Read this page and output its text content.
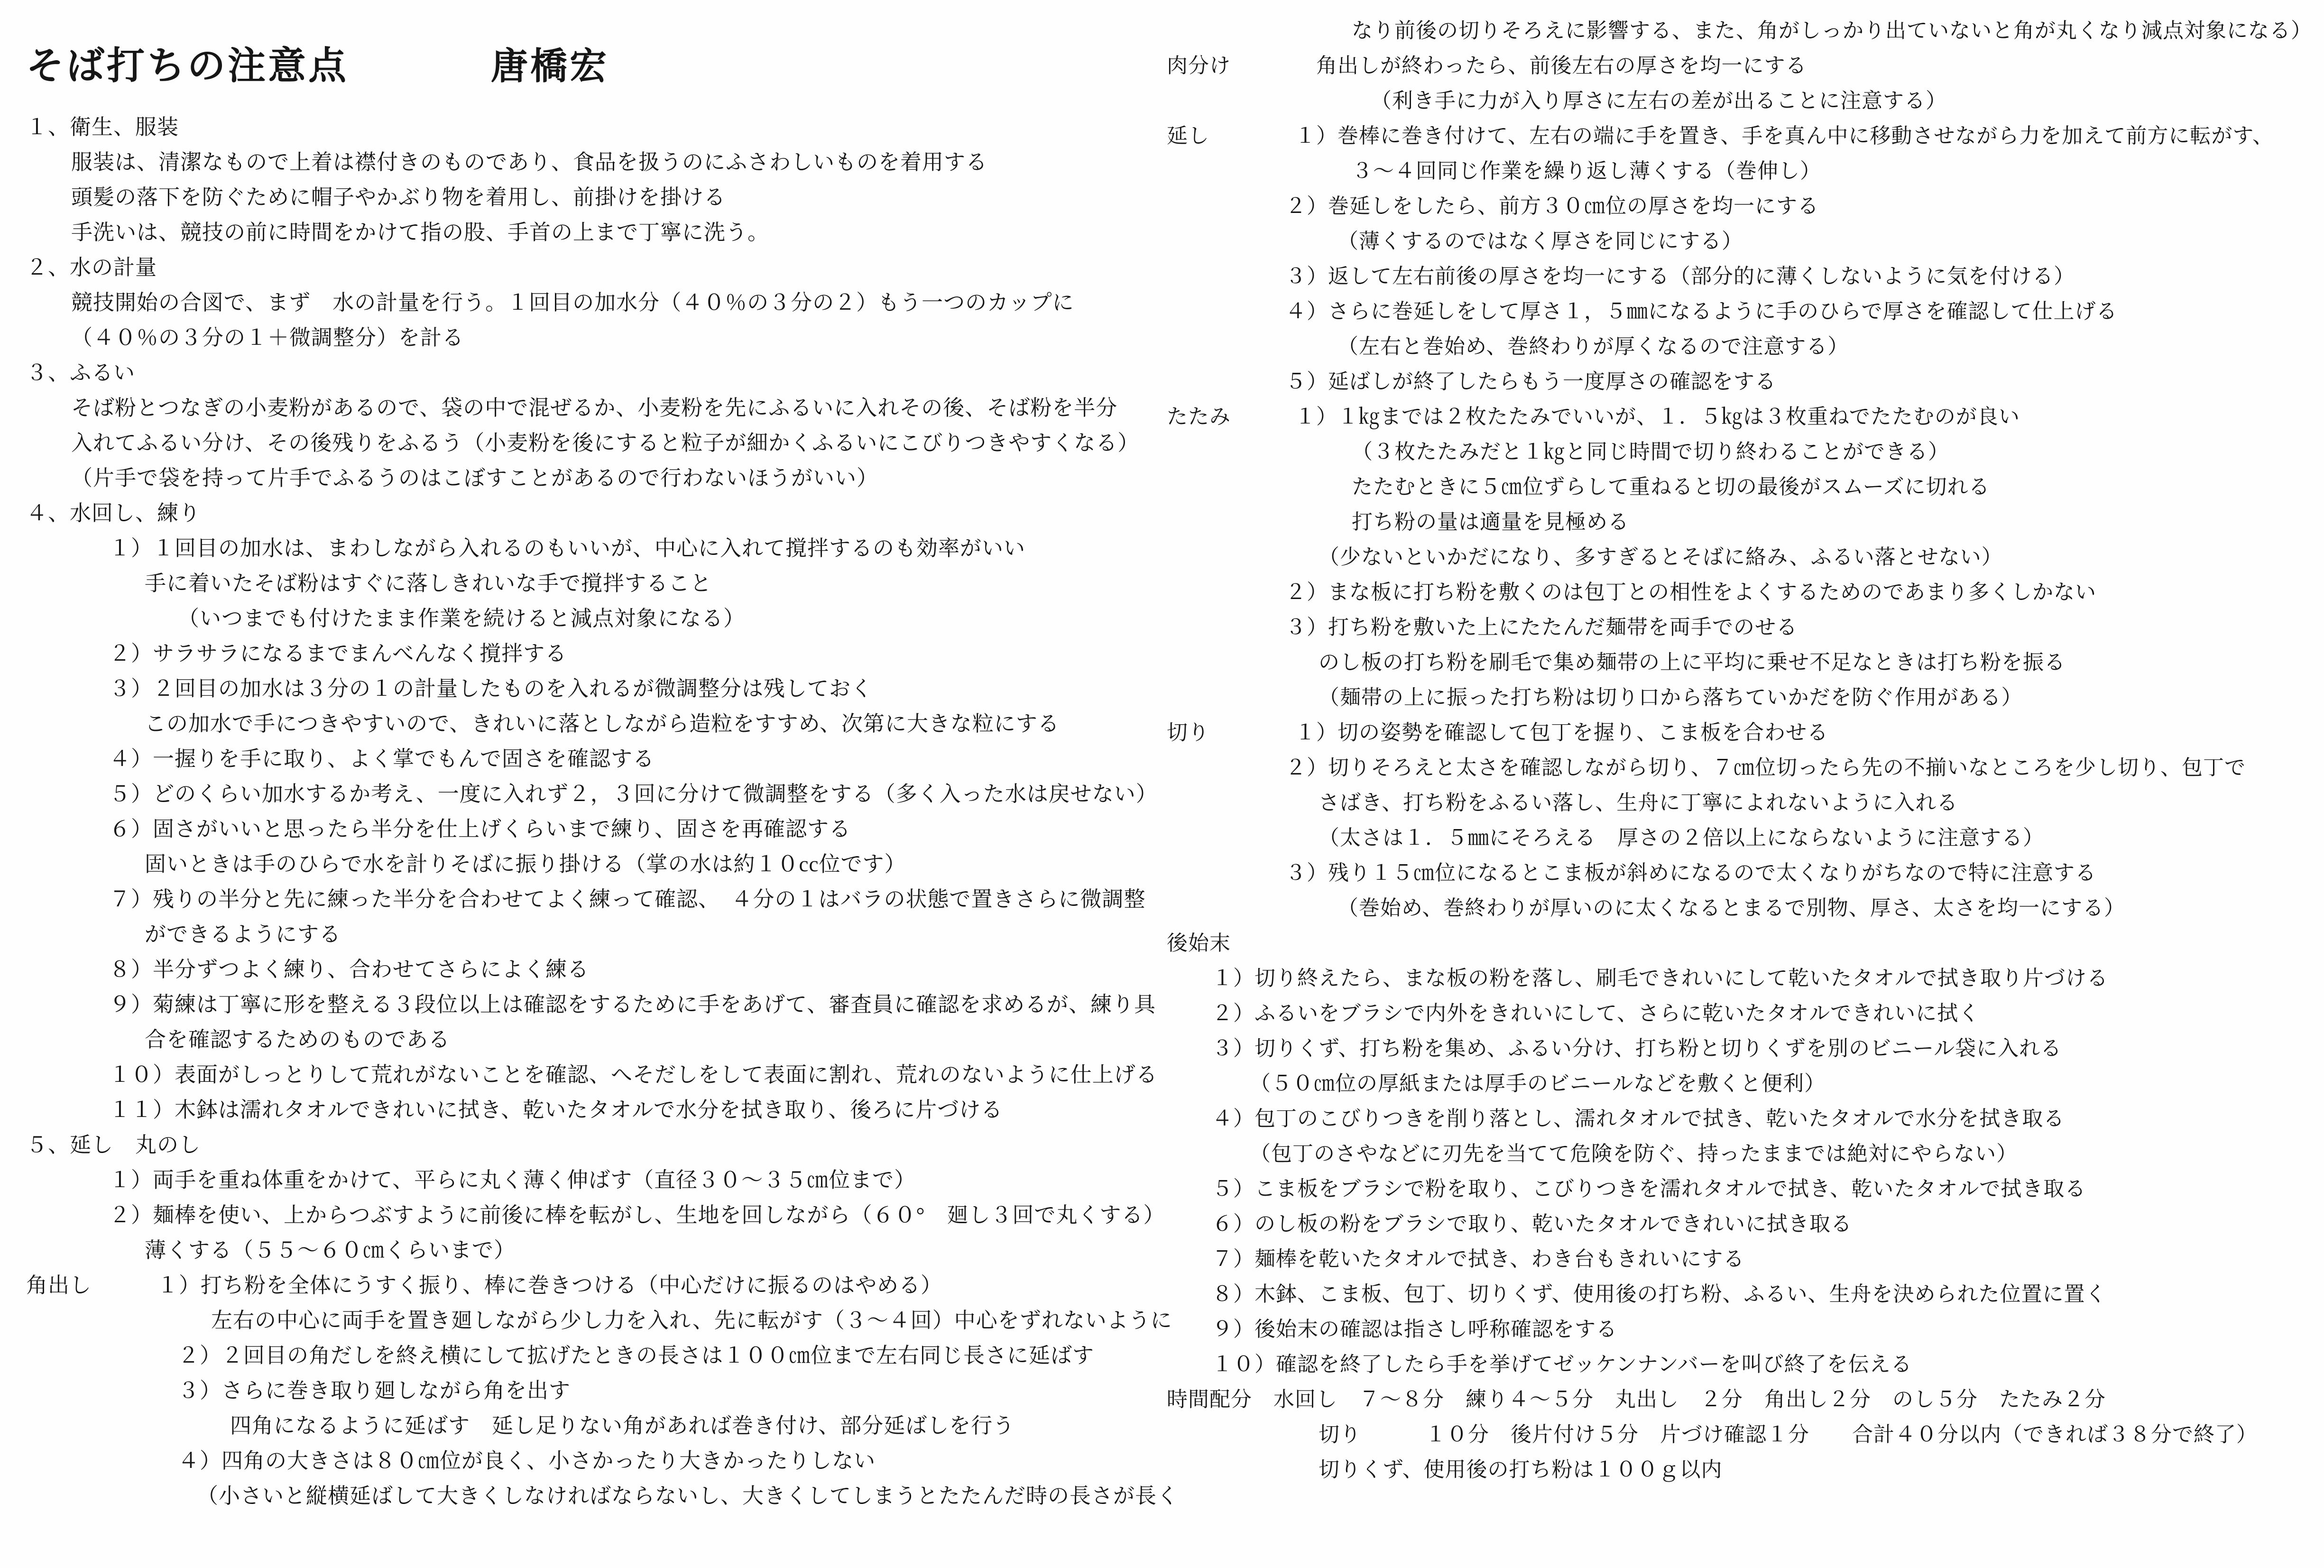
そば打ちの注意点	唐橋宏
１、衛生、服装
服装は、清潔なもので上着は襟付きのものであり、食品を扱うのにふさわしいものを着用する
頭髪の落下を防ぐために帽子やかぶり物を着用し、前掛けを掛ける
手洗いは、競技の前に時間をかけて指の股、手首の上まで丁寧に洗う。
２、水の計量
競技開始の合図で、まず　水の計量を行う。１回目の加水分（４０％の３分の２）もう一つのカップに
（４０％の３分の１＋微調整分）を計る
３、ふるい
そば粉とつなぎの小麦粉があるので、袋の中で混ぜるか、小麦粉を先にふるいに入れその後、そば粉を半分
入れてふるい分け、その後残りをふるう（小麦粉を後にすると粒子が細かくふるいにこびりつきやすくなる）
（片手で袋を持って片手でふるうのはこぼすことがあるので行わないほうがいい）
４、水回し、練り
１）１回目の加水は、まわしながら入れるのもいいが、中心に入れて撹拌するのも効率がいい
手に着いたそば粉はすぐに落しきれいな手で撹拌すること
（いつまでも付けたまま作業を続けると減点対象になる）
２）サラサラになるまでまんべんなく撹拌する
３）２回目の加水は３分の１の計量したものを入れるが微調整分は残しておく
この加水で手につきやすいので、きれいに落としながら造粒をすすめ、次第に大きな粒にする
４）一握りを手に取り、よく掌でもんで固さを確認する
５）どのくらい加水するか考え、一度に入れず２，３回に分けて微調整をする（多く入った水は戻せない）
６）固さがいいと思ったら半分を仕上げくらいまで練り、固さを再確認する
固いときは手のひらで水を計りそばに振り掛ける（掌の水は約１０cc位です）
７）残りの半分と先に練った半分を合わせてよく練って確認、　４分の１はバラの状態で置きさらに微調整
ができるようにする
８）半分ずつよく練り、合わせてさらによく練る
９）菊練は丁寧に形を整える３段位以上は確認をするために手をあげて、審査員に確認を求めるが、練り具
合を確認するためのものである
１０）表面がしっとりして荒れがないことを確認、へそだしをして表面に割れ、荒れのないように仕上げる
１１）木鉢は濡れタオルできれいに拭き、乾いたタオルで水分を拭き取り、後ろに片づける
５、延し　丸のし
１）両手を重ね体重をかけて、平らに丸く薄く伸ばす（直径３０～３５㎝位まで）
２）麺棒を使い、上からつぶすように前後に棒を転がし、生地を回しながら（６０°　廻し３回で丸くする）
薄くする（５５～６０㎝くらいまで）
角出し　　　１）打ち粉を全体にうすく振り、棒に巻きつける（中心だけに振るのはやめる）
左右の中心に両手を置き廻しながら少し力を入れ、先に転がす（３～４回）中心をずれないように
２）２回目の角だしを終え横にして拡げたときの長さは１００㎝位まで左右同じ長さに延ばす
３）さらに巻き取り廻しながら角を出す
四角になるように延ばす　延し足りない角があれば巻き付け、部分延ばしを行う
４）四角の大きさは８０㎝位が良く、小さかったり大きかったりしない
（小さいと縦横延ばして大きくしなければならないし、大きくしてしまうとたたんだ時の長さが長く
なり前後の切りそろえに影響する、また、角がしっかり出ていないと角が丸くなり減点対象になる）
肉分け　　　　角出しが終わったら、前後左右の厚さを均一にする
（利き手に力が入り厚さに左右の差が出ることに注意する）
延し　　　　１）巻棒に巻き付けて、左右の端に手を置き、手を真ん中に移動させながら力を加えて前方に転がす、
３～４回同じ作業を繰り返し薄くする（巻伸し）
２）巻延しをしたら、前方３０㎝位の厚さを均一にする
（薄くするのではなく厚さを同じにする）
３）返して左右前後の厚さを均一にする（部分的に薄くしないように気を付ける）
４）さらに巻延しをして厚さ１，５㎜になるように手のひらで厚さを確認して仕上げる
（左右と巻始め、巻終わりが厚くなるので注意する）
５）延ばしが終了したらもう一度厚さの確認をする
たたみ　　　１）１㎏までは２枚たたみでいいが、１．５㎏は３枚重ねでたたむのが良い
（３枚たたみだと１㎏と同じ時間で切り終わることができる）
たたむときに５㎝位ずらして重ねると切の最後がスムーズに切れる
打ち粉の量は適量を見極める
（少ないといかだになり、多すぎるとそばに絡み、ふるい落とせない）
２）まな板に打ち粉を敷くのは包丁との相性をよくするためのであまり多くしかない
３）打ち粉を敷いた上にたたんだ麺帯を両手でのせる
のし板の打ち粉を刷毛で集め麺帯の上に平均に乗せ不足なときは打ち粉を振る
（麺帯の上に振った打ち粉は切り口から落ちていかだを防ぐ作用がある）
切り　　　　１）切の姿勢を確認して包丁を握り、こま板を合わせる
２）切りそろえと太さを確認しながら切り、７㎝位切ったら先の不揃いなところを少し切り、包丁で
さばき、打ち粉をふるい落し、生舟に丁寧によれないように入れる
（太さは１．５㎜にそろえる　厚さの２倍以上にならないように注意する）
３）残り１５㎝位になるとこま板が斜めになるので太くなりがちなので特に注意する
（巻始め、巻終わりが厚いのに太くなるとまるで別物、厚さ、太さを均一にする）
後始末
１）切り終えたら、まな板の粉を落し、刷毛できれいにして乾いたタオルで拭き取り片づける
２）ふるいをブラシで内外をきれいにして、さらに乾いたタオルできれいに拭く
３）切りくず、打ち粉を集め、ふるい分け、打ち粉と切りくずを別のビニール袋に入れる
（５０㎝位の厚紙または厚手のビニールなどを敷くと便利）
４）包丁のこびりつきを削り落とし、濡れタオルで拭き、乾いたタオルで水分を拭き取る
（包丁のさやなどに刃先を当てて危険を防ぐ、持ったままでは絶対にやらない）
５）こま板をブラシで粉を取り、こびりつきを濡れタオルで拭き、乾いたタオルで拭き取る
６）のし板の粉をブラシで取り、乾いたタオルできれいに拭き取る
７）麺棒を乾いたタオルで拭き、わき台もきれいにする
８）木鉢、こま板、包丁、切りくず、使用後の打ち粉、ふるい、生舟を決められた位置に置く
９）後始末の確認は指さし呼称確認をする
１０）確認を終了したら手を挙げてゼッケンナンバーを叫び終了を伝える
時間配分　水回し　７～８分　練り４～５分　丸出し　２分　角出し２分　のし５分　たたみ２分
切り　　　１０分　後片付け５分　片づけ確認１分　　合計４０分以内（できれば３８分で終了）
切りくず、使用後の打ち粉は１００ｇ以内
